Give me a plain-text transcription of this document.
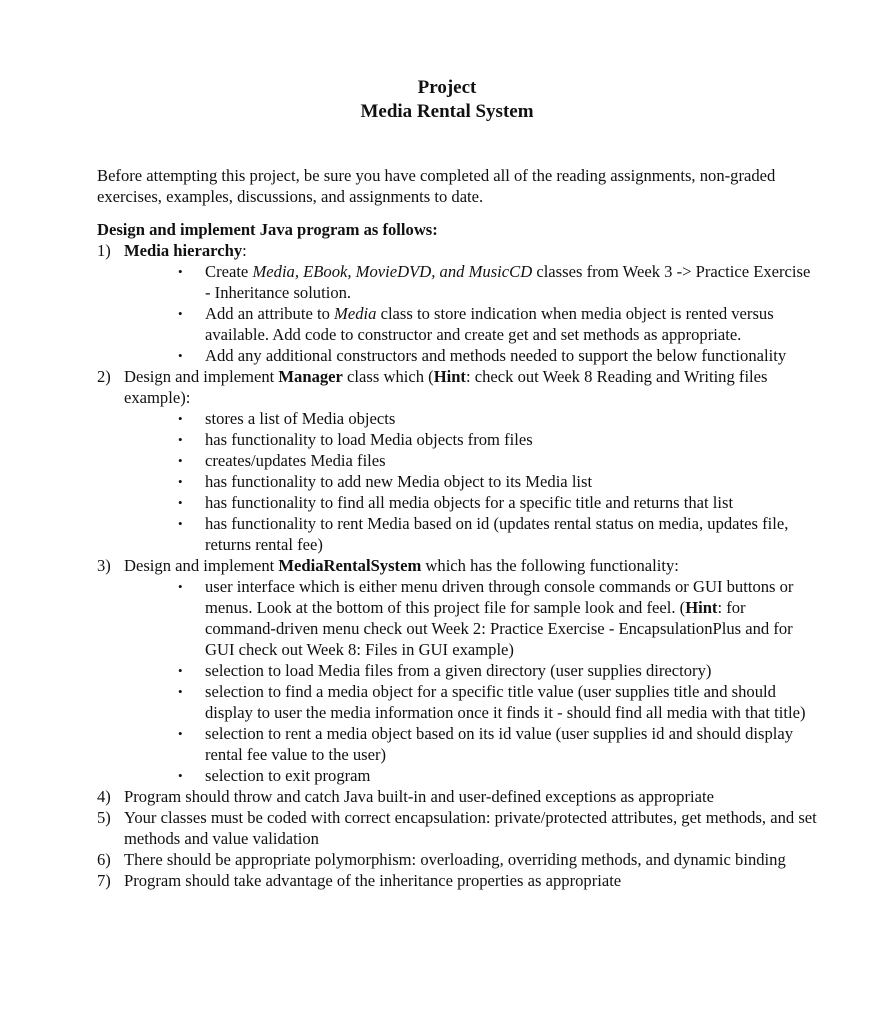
Project
Media Rental System

Before attempting this project, be sure you have completed all of the reading assignments, non-graded exercises, examples, discussions, and assignments to date.

Design and implement Java program as follows:
1) Media hierarchy:
• Create Media, EBook, MovieDVD, and MusicCD classes from Week 3 -> Practice Exercise - Inheritance solution.
• Add an attribute to Media class to store indication when media object is rented versus available. Add code to constructor and create get and set methods as appropriate.
• Add any additional constructors and methods needed to support the below functionality
2) Design and implement Manager class which (Hint: check out Week 8 Reading and Writing files example):
• stores a list of Media objects
• has functionality to load Media objects from files
• creates/updates Media files
• has functionality to add new Media object to its Media list
• has functionality to find all media objects for a specific title and returns that list
• has functionality to rent Media based on id (updates rental status on media, updates file, returns rental fee)
3) Design and implement MediaRentalSystem which has the following functionality:
• user interface which is either menu driven through console commands or GUI buttons or menus. Look at the bottom of this project file for sample look and feel. (Hint: for command-driven menu check out Week 2: Practice Exercise - EncapsulationPlus and for GUI check out Week 8: Files in GUI example)
• selection to load Media files from a given directory (user supplies directory)
• selection to find a media object for a specific title value (user supplies title and should display to user the media information once it finds it - should find all media with that title)
• selection to rent a media object based on its id value (user supplies id and should display rental fee value to the user)
• selection to exit program
4) Program should throw and catch Java built-in and user-defined exceptions as appropriate
5) Your classes must be coded with correct encapsulation: private/protected attributes, get methods, and set methods and value validation
6) There should be appropriate polymorphism: overloading, overriding methods, and dynamic binding
7) Program should take advantage of the inheritance properties as appropriate
